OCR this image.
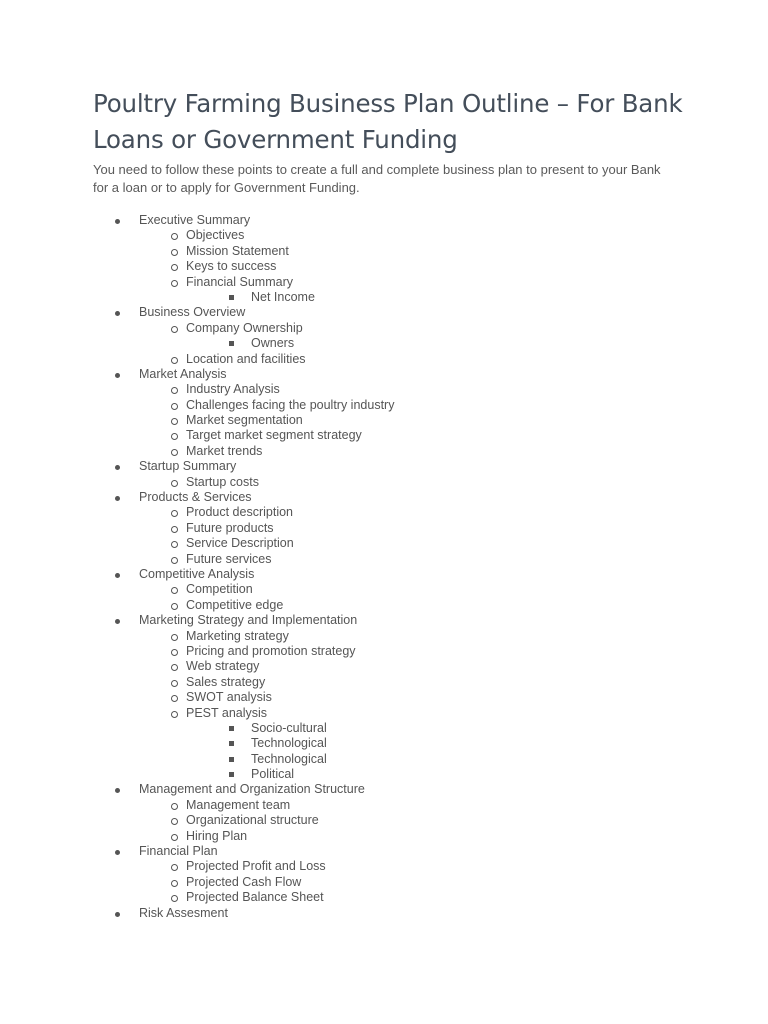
Poultry Farming Business Plan Outline – For Bank Loans or Government Funding

You need to follow these points to create a full and complete business plan to present to your Bank for a loan or to apply for Government Funding.

Executive Summary
Objectives
Mission Statement
Keys to success
Financial Summary
Net Income
Business Overview
Company Ownership
Owners
Location and facilities
Market Analysis
Industry Analysis
Challenges facing the poultry industry
Market segmentation
Target market segment strategy
Market trends
Startup Summary
Startup costs
Products & Services
Product description
Future products
Service Description
Future services
Competitive Analysis
Competition
Competitive edge
Marketing Strategy and Implementation
Marketing strategy
Pricing and promotion strategy
Web strategy
Sales strategy
SWOT analysis
PEST analysis
Socio-cultural
Technological
Technological
Political
Management and Organization Structure
Management team
Organizational structure
Hiring Plan
Financial Plan
Projected Profit and Loss
Projected Cash Flow
Projected Balance Sheet
Risk Assesment
